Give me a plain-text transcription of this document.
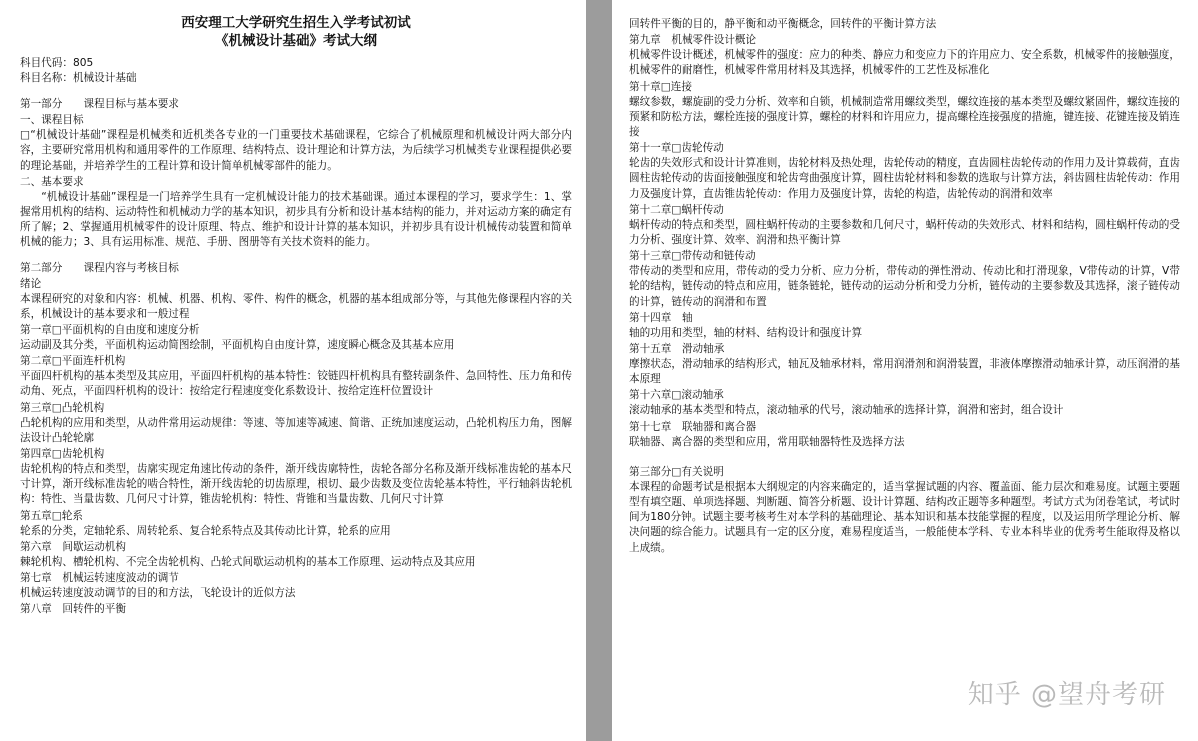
西安理工大学研究生招生入学考试初试

《机械设计基础》考试大纲

科目代码：805

科目名称：机械设计基础

第一部分　　课程目标与基本要求

一、课程目标

□“机械设计基础”课程是机械类和近机类各专业的一门重要技术基础课程，它综合了机械原理和机械设计两大部分内容，主要研究常用机构和通用零件的工作原理、结构特点、设计理论和计算方法，为后续学习机械类专业课程提供必要的理论基础，并培养学生的工程计算和设计简单机械零部件的能力。

二、基本要求

“机械设计基础”课程是一门培养学生具有一定机械设计能力的技术基础课。通过本课程的学习，要求学生：1、掌握常用机构的结构、运动特性和机械动力学的基本知识，初步具有分析和设计基本结构的能力，并对运动方案的确定有所了解；2、掌握通用机械零件的设计原理、特点、维护和设计计算的基本知识，并初步具有设计机械传动装置和简单机械的能力；3、具有运用标准、规范、手册、图册等有关技术资料的能力。

第二部分　　课程内容与考核目标

绪论

本课程研究的对象和内容：机械、机器、机构、零件、构件的概念，机器的基本组成部分等，与其他先修课程内容的关系，机械设计的基本要求和一般过程

第一章□平面机构的自由度和速度分析

运动副及其分类，平面机构运动简图绘制，平面机构自由度计算，速度瞬心概念及其基本应用

第二章□平面连杆机构

平面四杆机构的基本类型及其应用，平面四杆机构的基本特性：铰链四杆机构具有整转副条件、急回特性、压力角和传动角、死点，平面四杆机构的设计：按给定行程速度变化系数设计、按给定连杆位置设计

第三章□凸轮机构

凸轮机构的应用和类型，从动件常用运动规律：等速、等加速等减速、简谐、正统加速度运动，凸轮机构压力角，图解法设计凸轮轮廓

第四章□齿轮机构

齿轮机构的特点和类型，齿廓实现定角速比传动的条件，渐开线齿廓特性，齿轮各部分名称及渐开线标准齿轮的基本尺寸计算，渐开线标准齿轮的啮合特性，渐开线齿轮的切齿原理，根切、最少齿数及变位齿轮基本特性，平行轴斜齿轮机构：特性、当量齿数、几何尺寸计算，锥齿轮机构：特性、背锥和当量齿数、几何尺寸计算

第五章□轮系

轮系的分类，定轴轮系、周转轮系、复合轮系特点及其传动比计算，轮系的应用

第六章　间歇运动机构

棘轮机构、槽轮机构、不完全齿轮机构、凸轮式间歇运动机构的基本工作原理、运动特点及其应用

第七章　机械运转速度波动的调节

机械运转速度波动调节的目的和方法，飞轮设计的近似方法

第八章　回转件的平衡

回转件平衡的目的，静平衡和动平衡概念，回转件的平衡计算方法

第九章　机械零件设计概论

机械零件设计概述，机械零件的强度：应力的种类、静应力和变应力下的许用应力、安全系数，机械零件的接触强度，机械零件的耐磨性，机械零件常用材料及其选择，机械零件的工艺性及标准化

第十章□连接

螺纹参数，螺旋副的受力分析、效率和自锁，机械制造常用螺纹类型，螺纹连接的基本类型及螺纹紧固件，螺纹连接的预紧和防松方法，螺栓连接的强度计算，螺栓的材料和许用应力，提高螺栓连接强度的措施，键连接、花键连接及销连接

第十一章□齿轮传动

轮齿的失效形式和设计计算准则，齿轮材料及热处理，齿轮传动的精度，直齿圆柱齿轮传动的作用力及计算载荷，直齿圆柱齿轮传动的齿面接触强度和轮齿弯曲强度计算，圆柱齿轮材料和参数的选取与计算方法，斜齿圆柱齿轮传动：作用力及强度计算，直齿锥齿轮传动：作用力及强度计算，齿轮的构造，齿轮传动的润滑和效率

第十二章□蜗杆传动

蜗杆传动的特点和类型，圆柱蜗杆传动的主要参数和几何尺寸，蜗杆传动的失效形式、材料和结构，圆柱蜗杆传动的受力分析、强度计算、效率、润滑和热平衡计算

第十三章□带传动和链传动

带传动的类型和应用，带传动的受力分析、应力分析，带传动的弹性滑动、传动比和打滑现象，V带传动的计算，V带轮的结构，链传动的特点和应用，链条链轮，链传动的运动分析和受力分析，链传动的主要参数及其选择，滚子链传动的计算，链传动的润滑和布置

第十四章　轴

轴的功用和类型，轴的材料、结构设计和强度计算

第十五章　滑动轴承

摩擦状态，滑动轴承的结构形式，轴瓦及轴承材料，常用润滑剂和润滑装置，非液体摩擦滑动轴承计算，动压润滑的基本原理

第十六章□滚动轴承

滚动轴承的基本类型和特点，滚动轴承的代号，滚动轴承的选择计算，润滑和密封，组合设计

第十七章　联轴器和离合器

联轴器、离合器的类型和应用，常用联轴器特性及选择方法

第三部分□有关说明

本课程的命题考试是根据本大纲规定的内容来确定的，适当掌握试题的内容、覆盖面、能力层次和难易度。试题主要题型有填空题、单项选择题、判断题、简答分析题、设计计算题、结构改正题等多种题型。考试方式为闭卷笔试，考试时间为180分钟。试题主要考核考生对本学科的基础理论、基本知识和基本技能掌握的程度，以及运用所学理论分析、解决问题的综合能力。试题具有一定的区分度，难易程度适当，一般能使本学科、专业本科毕业的优秀考生能取得及格以上成绩。

知乎 @望舟考研
